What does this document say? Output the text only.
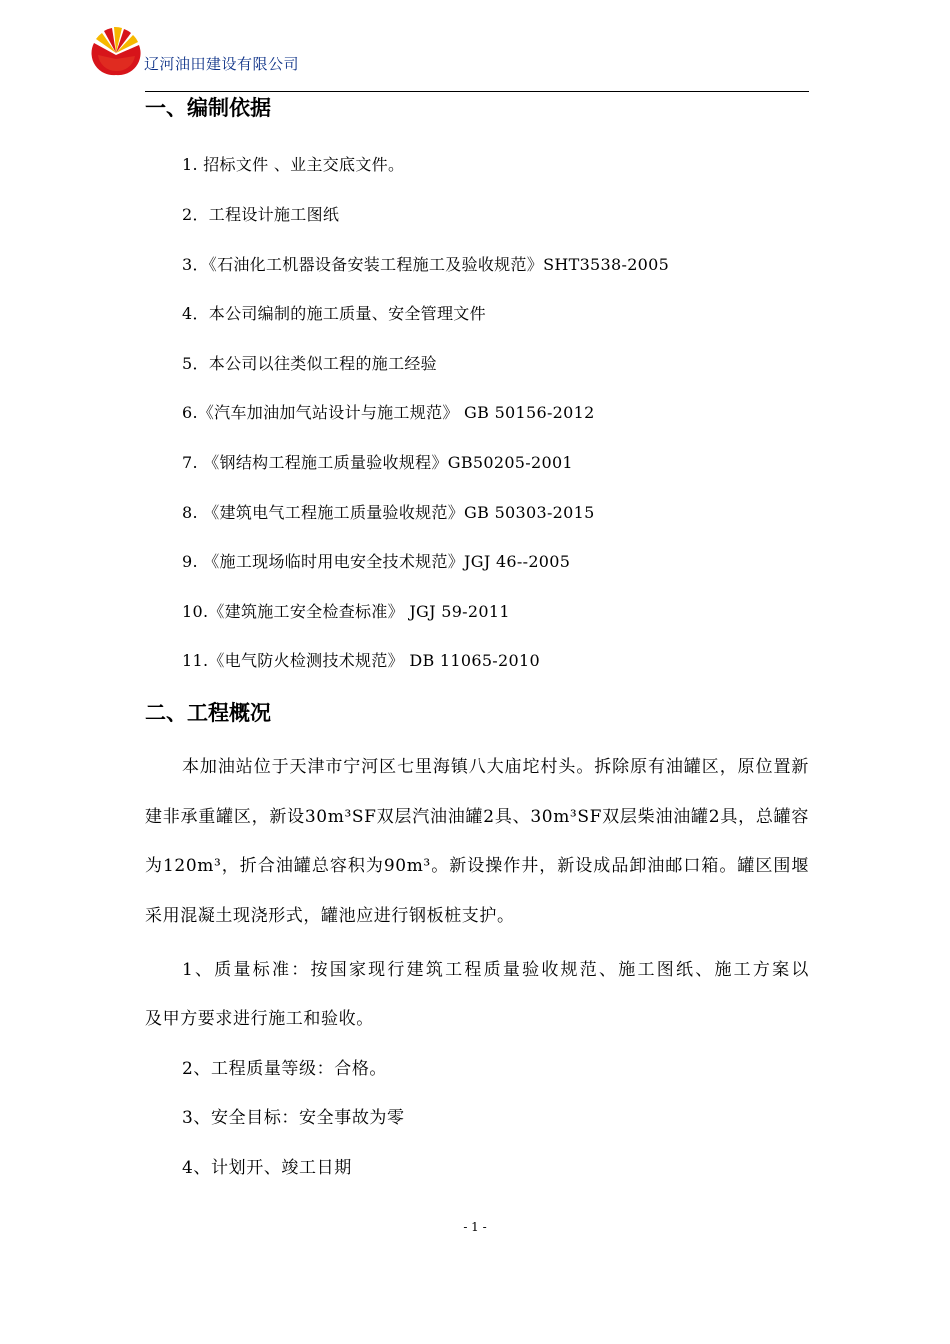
辽河油田建设有限公司
一、编制依据
1. 招标文件 、业主交底文件。
2．工程设计施工图纸
3．《石油化工机器设备安装工程施工及验收规范》SHT3538-2005
4．本公司编制的施工质量、安全管理文件
5．本公司以往类似工程的施工经验
6.《汽车加油加气站设计与施工规范》 GB 50156-2012
7. 《钢结构工程施工质量验收规程》GB50205-2001
8. 《建筑电气工程施工质量验收规范》GB 50303-2015
9. 《施工现场临时用电安全技术规范》JGJ 46--2005
10.《建筑施工安全检查标准》 JGJ 59-2011
11.《电气防火检测技术规范》 DB 11065-2010
二、工程概况

本加油站位于天津市宁河区七里海镇八大庙坨村头。拆除原有油罐区，原位置新建非承重罐区，新设30m³SF双层汽油油罐2具、30m³SF双层柴油油罐2具，总罐容为120m³，折合油罐总容积为90m³。新设操作井，新设成品卸油邮口箱。罐区围堰采用混凝土现浇形式，罐池应进行钢板桩支护。

1、质量标准：按国家现行建筑工程质量验收规范、施工图纸、施工方案以
及甲方要求进行施工和验收。
2、工程质量等级：合格。
3、安全目标：安全事故为零
4、计划开、竣工日期
- 1 -
